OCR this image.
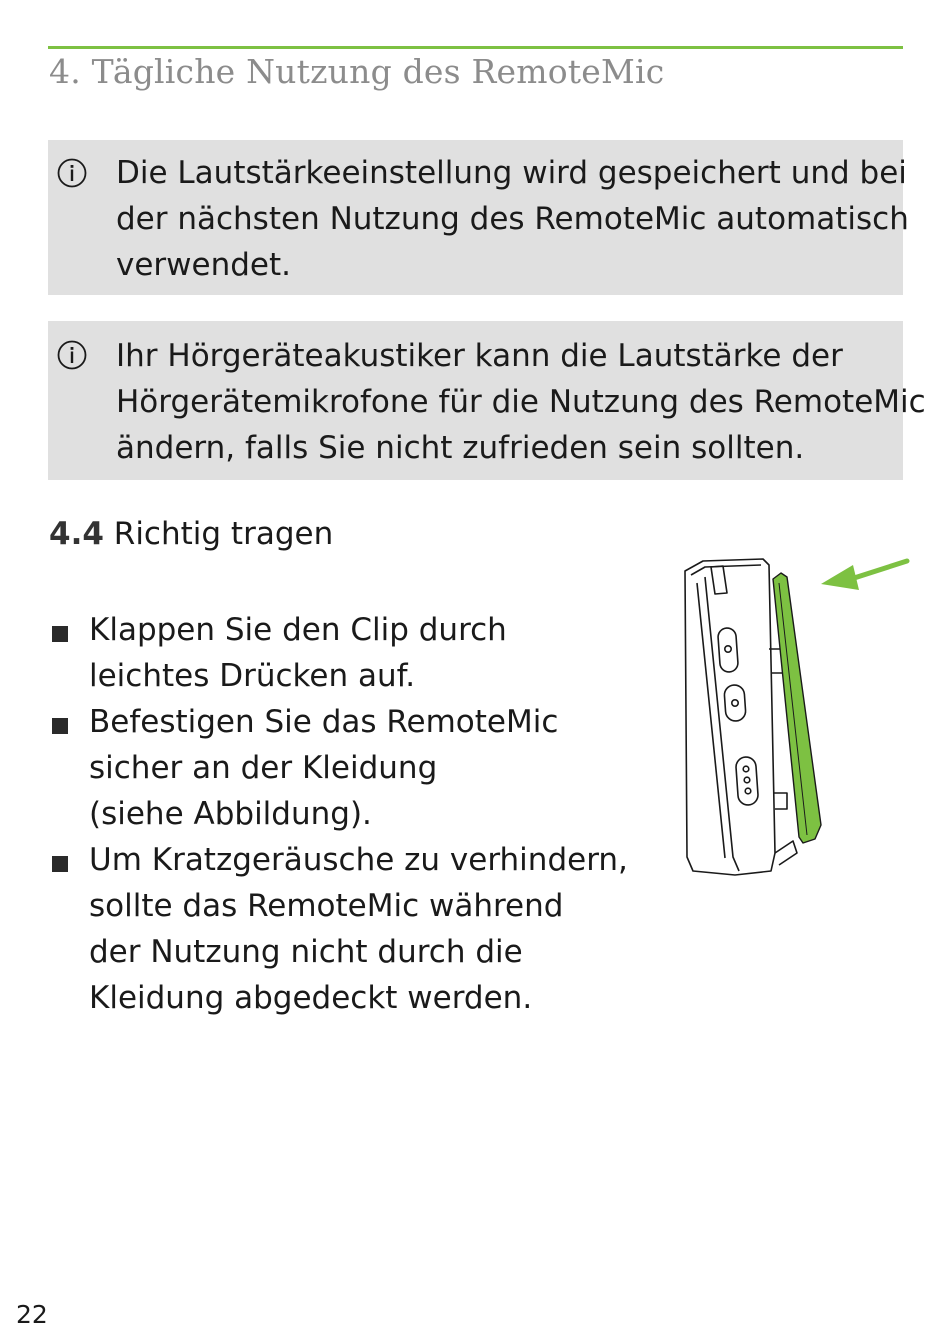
4. Tägliche Nutzung des RemoteMic
Die Lautstärkeeinstellung wird gespeichert und bei
der nächsten Nutzung des RemoteMic automatisch
verwendet.
Ihr Hörgeräteakustiker kann die Lautstärke der
Hörgerätemikrofone für die Nutzung des RemoteMic
ändern, falls Sie nicht zufrieden sein sollten.
4.4 Richtig tragen
Klappen Sie den Clip durch
leichtes Drücken auf.
Befestigen Sie das RemoteMic
sicher an der Kleidung
(siehe Abbildung).
Um Kratzgeräusche zu verhindern,
sollte das RemoteMic während
der Nutzung nicht durch die
Kleidung abgedeckt werden.
22
